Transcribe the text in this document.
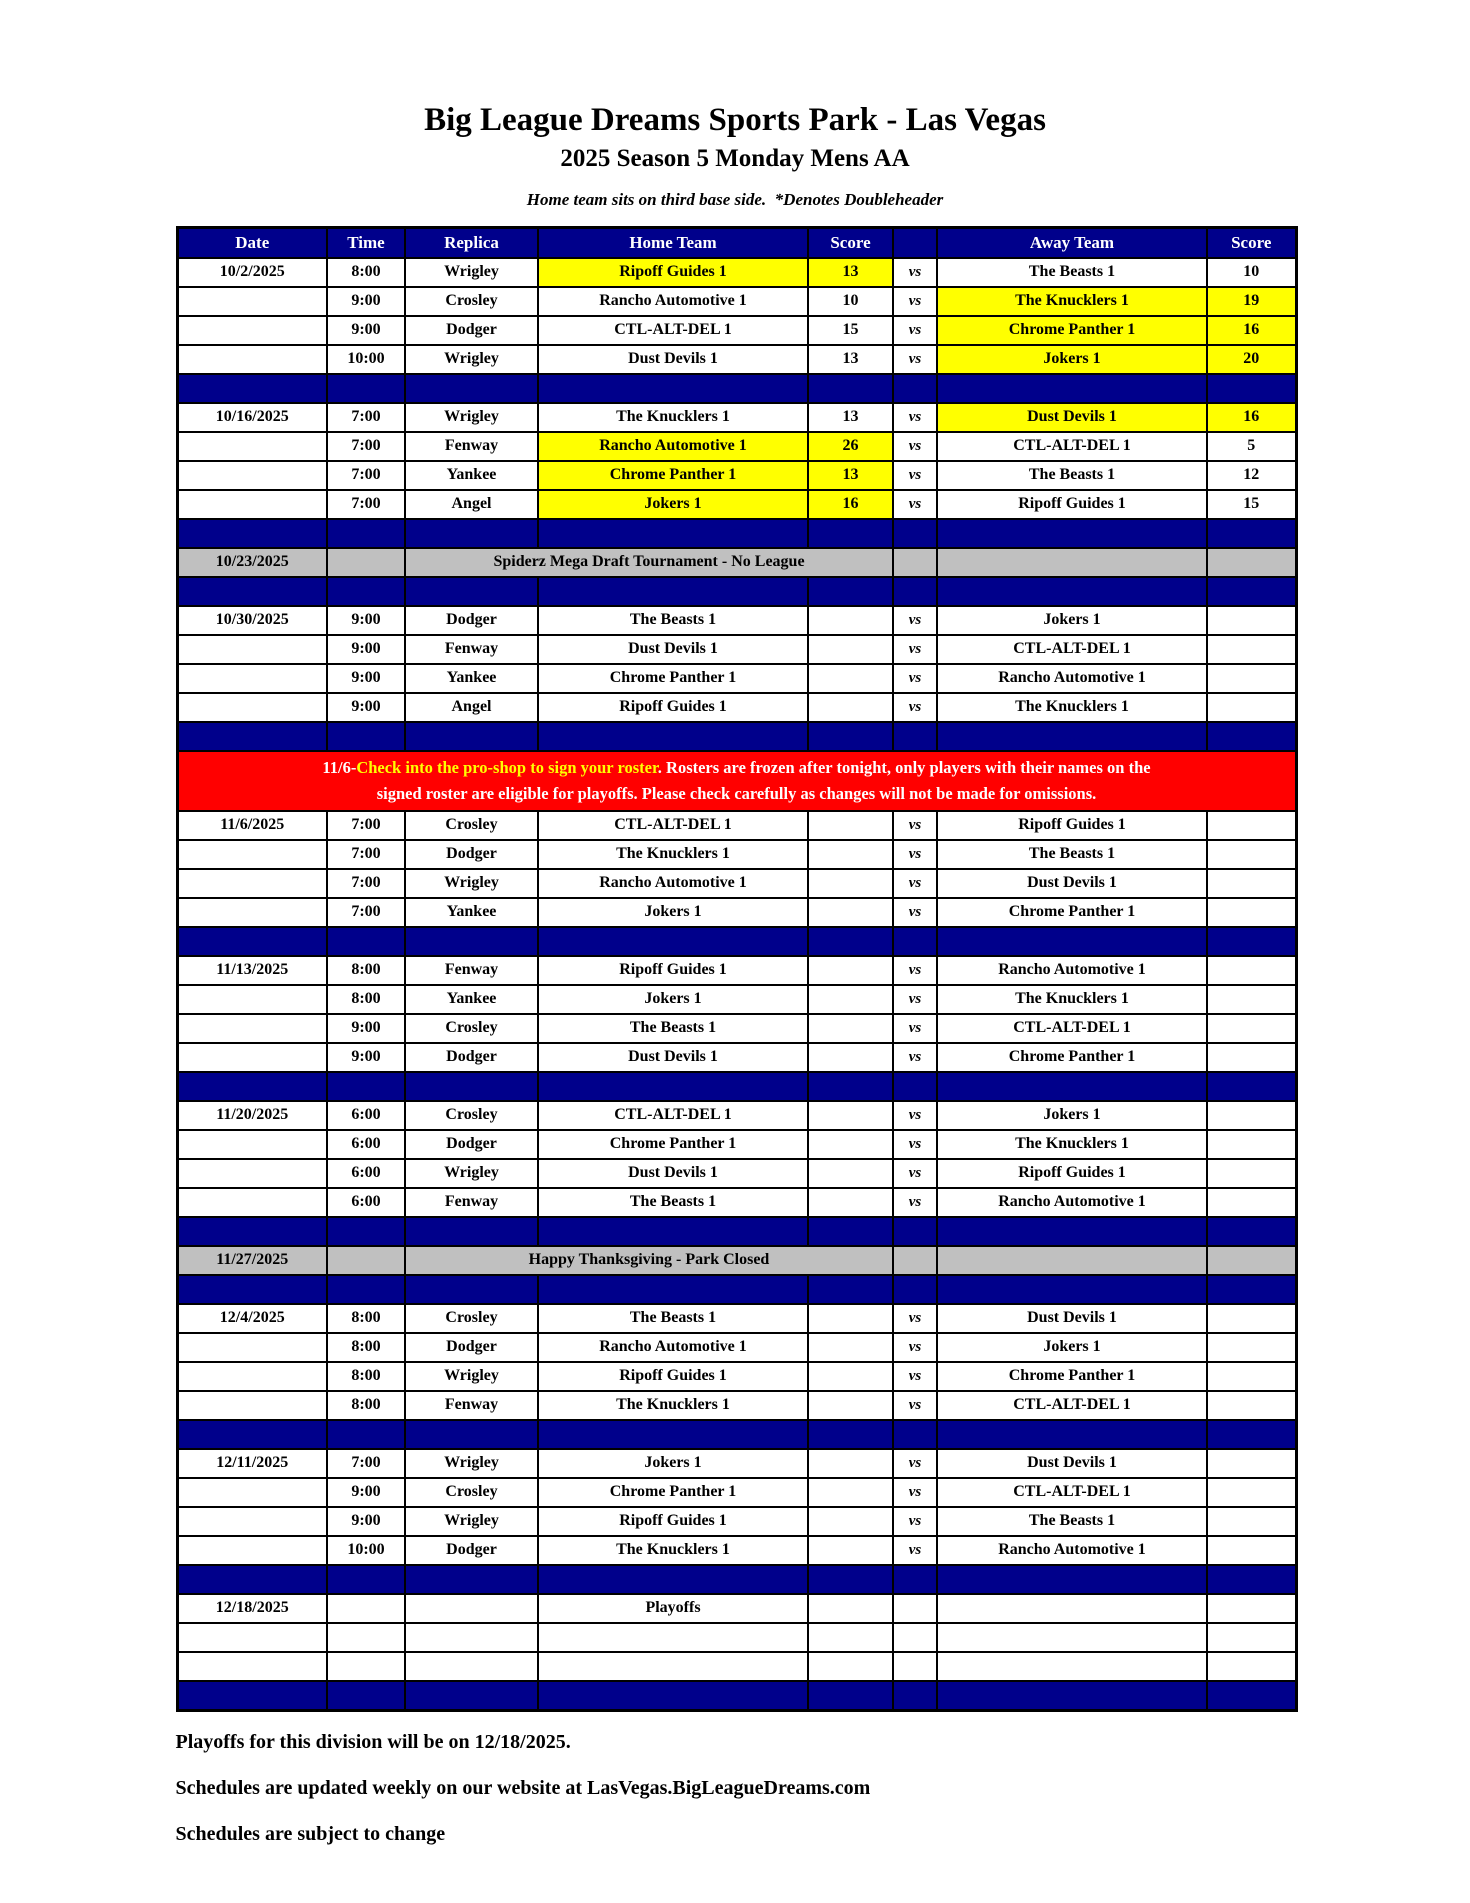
Big League Dreams Sports Park - Las Vegas
2025 Season 5 Monday Mens AA
Home team sits on third base side.  *Denotes Doubleheader
Date	Time	Replica	Home Team	Score		Away Team	Score
10/2/2025	8:00	Wrigley	Ripoff Guides 1	13	vs	The Beasts 1	10
	9:00	Crosley	Rancho Automotive 1	10	vs	The Knucklers 1	19
	9:00	Dodger	CTL-ALT-DEL 1	15	vs	Chrome Panther 1	16
	10:00	Wrigley	Dust Devils 1	13	vs	Jokers 1	20

10/16/2025	7:00	Wrigley	The Knucklers 1	13	vs	Dust Devils 1	16
	7:00	Fenway	Rancho Automotive 1	26	vs	CTL-ALT-DEL 1	5
	7:00	Yankee	Chrome Panther 1	13	vs	The Beasts 1	12
	7:00	Angel	Jokers 1	16	vs	Ripoff Guides 1	15

10/23/2025		Spiderz Mega Draft Tournament - No League					

10/30/2025	9:00	Dodger	The Beasts 1		vs	Jokers 1	
	9:00	Fenway	Dust Devils 1		vs	CTL-ALT-DEL 1	
	9:00	Yankee	Chrome Panther 1		vs	Rancho Automotive 1	
	9:00	Angel	Ripoff Guides 1		vs	The Knucklers 1	

11/6-Check into the pro-shop to sign your roster. Rosters are frozen after tonight, only players with their names on the
signed roster are eligible for playoffs. Please check carefully as changes will not be made for omissions.							

11/6/2025	7:00	Crosley	CTL-ALT-DEL 1		vs	Ripoff Guides 1	
	7:00	Dodger	The Knucklers 1		vs	The Beasts 1	
	7:00	Wrigley	Rancho Automotive 1		vs	Dust Devils 1	
	7:00	Yankee	Jokers 1		vs	Chrome Panther 1	

11/13/2025	8:00	Fenway	Ripoff Guides 1		vs	Rancho Automotive 1	
	8:00	Yankee	Jokers 1		vs	The Knucklers 1	
	9:00	Crosley	The Beasts 1		vs	CTL-ALT-DEL 1	
	9:00	Dodger	Dust Devils 1		vs	Chrome Panther 1	

11/20/2025	6:00	Crosley	CTL-ALT-DEL 1		vs	Jokers 1	
	6:00	Dodger	Chrome Panther 1		vs	The Knucklers 1	
	6:00	Wrigley	Dust Devils 1		vs	Ripoff Guides 1	
	6:00	Fenway	The Beasts 1		vs	Rancho Automotive 1	

11/27/2025		Happy Thanksgiving - Park Closed					

12/4/2025	8:00	Crosley	The Beasts 1		vs	Dust Devils 1	
	8:00	Dodger	Rancho Automotive 1		vs	Jokers 1	
	8:00	Wrigley	Ripoff Guides 1		vs	Chrome Panther 1	
	8:00	Fenway	The Knucklers 1		vs	CTL-ALT-DEL 1	

12/11/2025	7:00	Wrigley	Jokers 1		vs	Dust Devils 1	
	9:00	Crosley	Chrome Panther 1		vs	CTL-ALT-DEL 1	
	9:00	Wrigley	Ripoff Guides 1		vs	The Beasts 1	
	10:00	Dodger	The Knucklers 1		vs	Rancho Automotive 1	

12/18/2025			Playoffs				

Playoffs for this division will be on 12/18/2025.
Schedules are updated weekly on our website at LasVegas.BigLeagueDreams.com
Schedules are subject to change
